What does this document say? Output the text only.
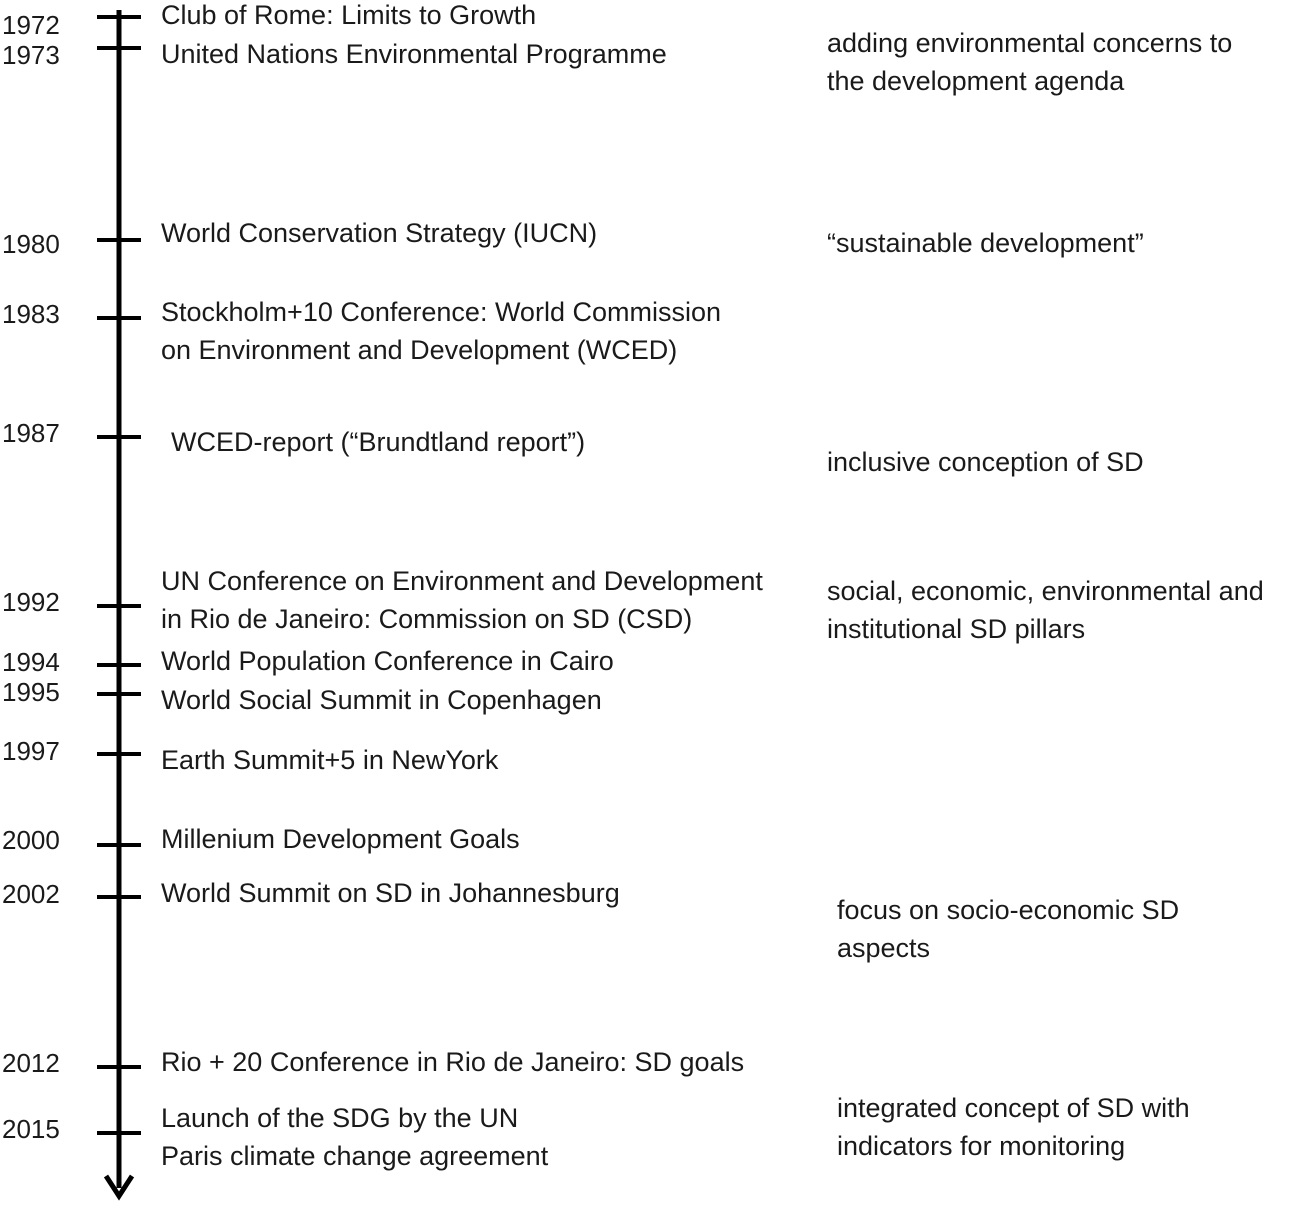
1972
1973
1980
1983
1987
1992
1994
1995
1997
2000
2002
2012
2015
Club of Rome: Limits to Growth
United Nations Environmental Programme
World Conservation Strategy (IUCN)
Stockholm+10 Conference: World Commission
on Environment and Development (WCED)
WCED-report (“Brundtland report”)
UN Conference on Environment and Development
in Rio de Janeiro: Commission on SD (CSD)
World Population Conference in Cairo
World Social Summit in Copenhagen
Earth Summit+5 in NewYork
Millenium Development Goals
World Summit on SD in Johannesburg
Rio + 20 Conference in Rio de Janeiro: SD goals
Launch of the SDG by the UN
Paris climate change agreement
adding environmental concerns to
the development agenda
“sustainable development”
inclusive conception of SD
social, economic, environmental and
institutional SD pillars
focus on socio-economic SD
aspects
integrated concept of SD with
indicators for monitoring
